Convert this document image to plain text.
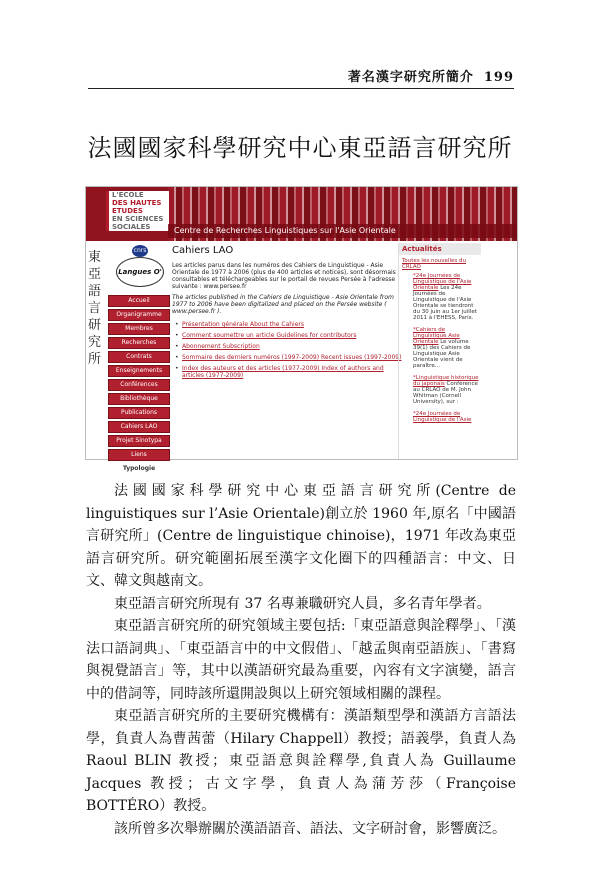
著名漢字研究所簡介 199
法國國家科學研究中心東亞語言研究所
L'ECOLE
DES HAUTES
ETUDES
EN SCIENCES
SOCIALES	Centre de Recherches Linguistiques sur l'Asie Orientale
東亞語言研究所
cnrs
Langues O'
Accueil
Organigramme
Membres
Recherches
Contrats
Enseignements
Conférences
Bibliothèque
Publications
Cahiers LAO
Projet Sinotypa
Liens
Typologie
Cahiers LAO

Les articles parus dans les numéros des Cahiers de Linguistique - Asie Orientale de 1977 à 2006 (plus de 400 articles et notices), sont désormais consultables et téléchargeables sur le portail de revues Persée à l'adresse suivante : www.persee.fr

The articles published in the Cahiers de Linguistique - Asie Orientale from 1977 to 2006 have been digitalized and placed on the Persée website ( www.persee.fr ).

• Présentation générale About the Cahiers
• Comment soumettre un article Guidelines for contributors
• Abonnement Subscription
• Sommaire des derniers numéros (1997-2009) Recent issues (1997-2009)
• Index des auteurs et des articles (1977-2009) Index of authors and articles (1977-2009)
Actualités
Toutes les nouvelles du CRLAO
*24e Journées de Linguistique de l'Asie Orientale Les 24e Journées de Linguistique de l'Asie Orientale se tiendront du 30 juin au 1er juillet 2011 à l'EHESS, Paris.
*Cahiers de Linguistique Asie Orientale Le volume 39(1) des Cahiers de Linguistique Asie Orientale vient de paraître...
*Linguistique historique du japonais Conférence au CRLAO de M. John Whitman (Cornell University), sur :
*24e Journées de Linguistique de l'Asie

法國國家科學研究中心東亞語言研究所(Centre de linguistiques sur l’Asie Orientale)創立於 1960 年,原名「中國語言研究所」(Centre de linguistique chinoise)，1971 年改為東亞語言研究所。研究範圍拓展至漢字文化圈下的四種語言：中文、日文、韓文與越南文。

東亞語言研究所現有 37 名專兼職研究人員，多名青年學者。

東亞語言研究所的研究領域主要包括:「東亞語意與詮釋學」、「漢法口語詞典」、「東亞語言中的中文假借」、「越孟與南亞語族」、「書寫與視覺語言」等，其中以漢語研究最為重要，內容有文字演變，語言中的借詞等，同時該所還開設與以上研究領域相關的課程。

東亞語言研究所的主要研究機構有：漢語類型學和漢語方言語法學，負責人為曹茜蕾（Hilary Chappell）教授；語義學，負責人為 Raoul BLIN 教授；東亞語意與詮釋學,負責人為 Guillaume Jacques 教授；古文字學，負責人為蒲芳莎（Françoise BOTTÉRO）教授。

該所曾多次舉辦關於漢語語音、語法、文字研討會，影響廣泛。
